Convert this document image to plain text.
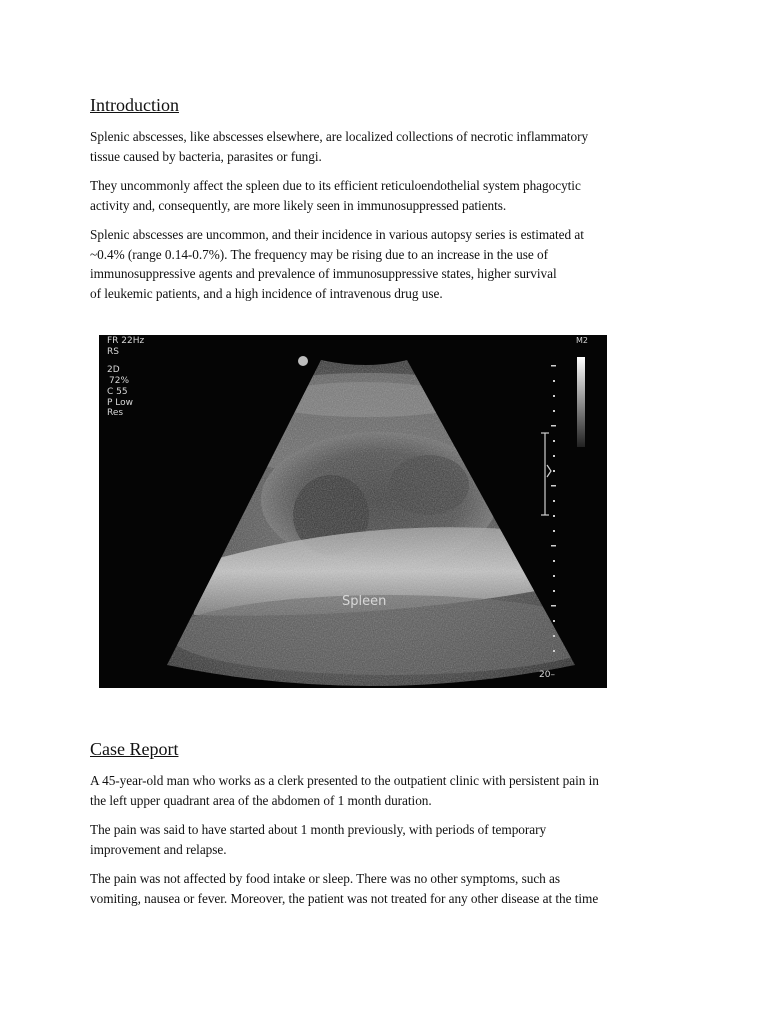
Introduction

Splenic abscesses, like abscesses elsewhere, are localized collections of necrotic inflammatory
tissue caused by bacteria, parasites or fungi.

They uncommonly affect the spleen due to its efficient reticuloendothelial system phagocytic
activity and, consequently, are more likely seen in immunosuppressed patients.

Splenic abscesses are uncommon, and their incidence in various autopsy series is estimated at
~0.4% (range 0.14-0.7%). The frequency may be rising due to an increase in the use of
immunosuppressive agents and prevalence of immunosuppressive states, higher survival
of leukemic patients, and a high incidence of intravenous drug use.

FR 22Hz
RS
2D
72%
C 55
P Low
Res
M2
20–
Spleen
Case Report

A 45-year-old man who works as a clerk presented to the outpatient clinic with persistent pain in
the left upper quadrant area of the abdomen of 1 month duration.

The pain was said to have started about 1 month previously, with periods of temporary
improvement and relapse.

The pain was not affected by food intake or sleep. There was no other symptoms, such as
vomiting, nausea or fever. Moreover, the patient was not treated for any other disease at the time
